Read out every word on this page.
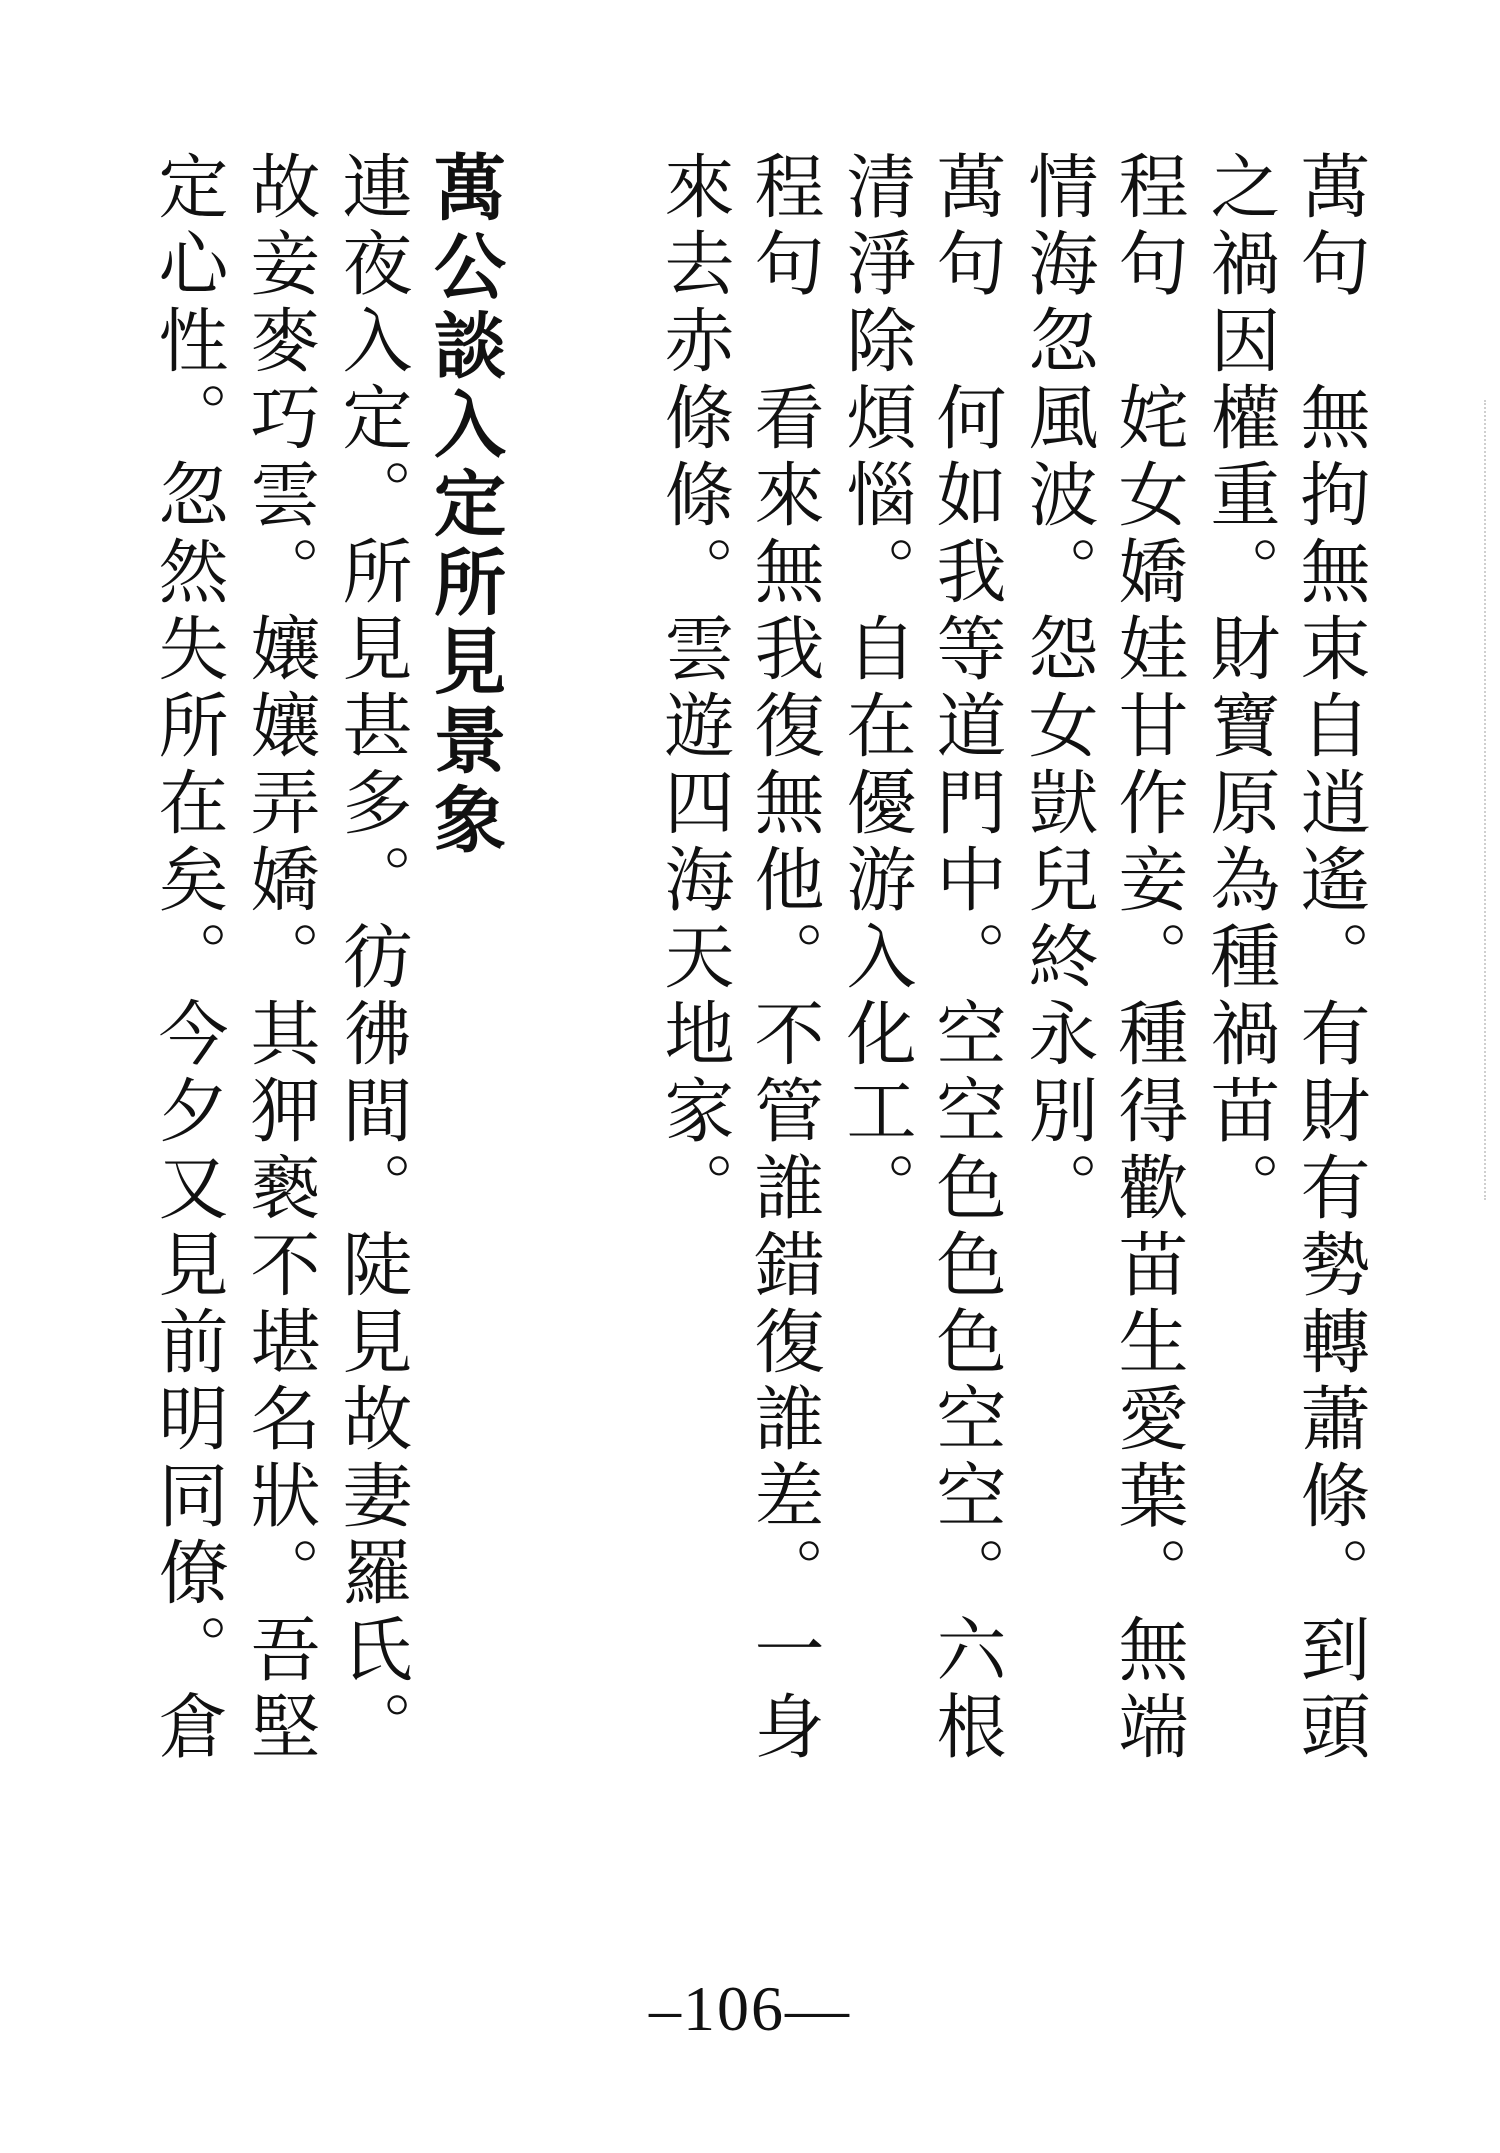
萬句　無拘無束自逍遙。有財有勢轉蕭條。到頭
之禍因權重。財寶原為種禍苗。
程句　姹女嬌娃甘作妾。種得歡苗生愛葉。無端
情海忽風波。怨女獃兒終永別。
萬句　何如我等道門中。空空色色色空空。六根
清淨除煩惱。自在優游入化工。
程句　看來無我復無他。不管誰錯復誰差。一身
來去赤條條。雲遊四海天地家。
萬公談入定所見景象
連夜入定。所見甚多。彷彿間。陡見故妻羅氏。
故妾麥巧雲。孃孃弄嬌。其狎褻不堪名狀。吾堅
定心性。忽然失所在矣。今夕又見前明同僚。倉
–106—
